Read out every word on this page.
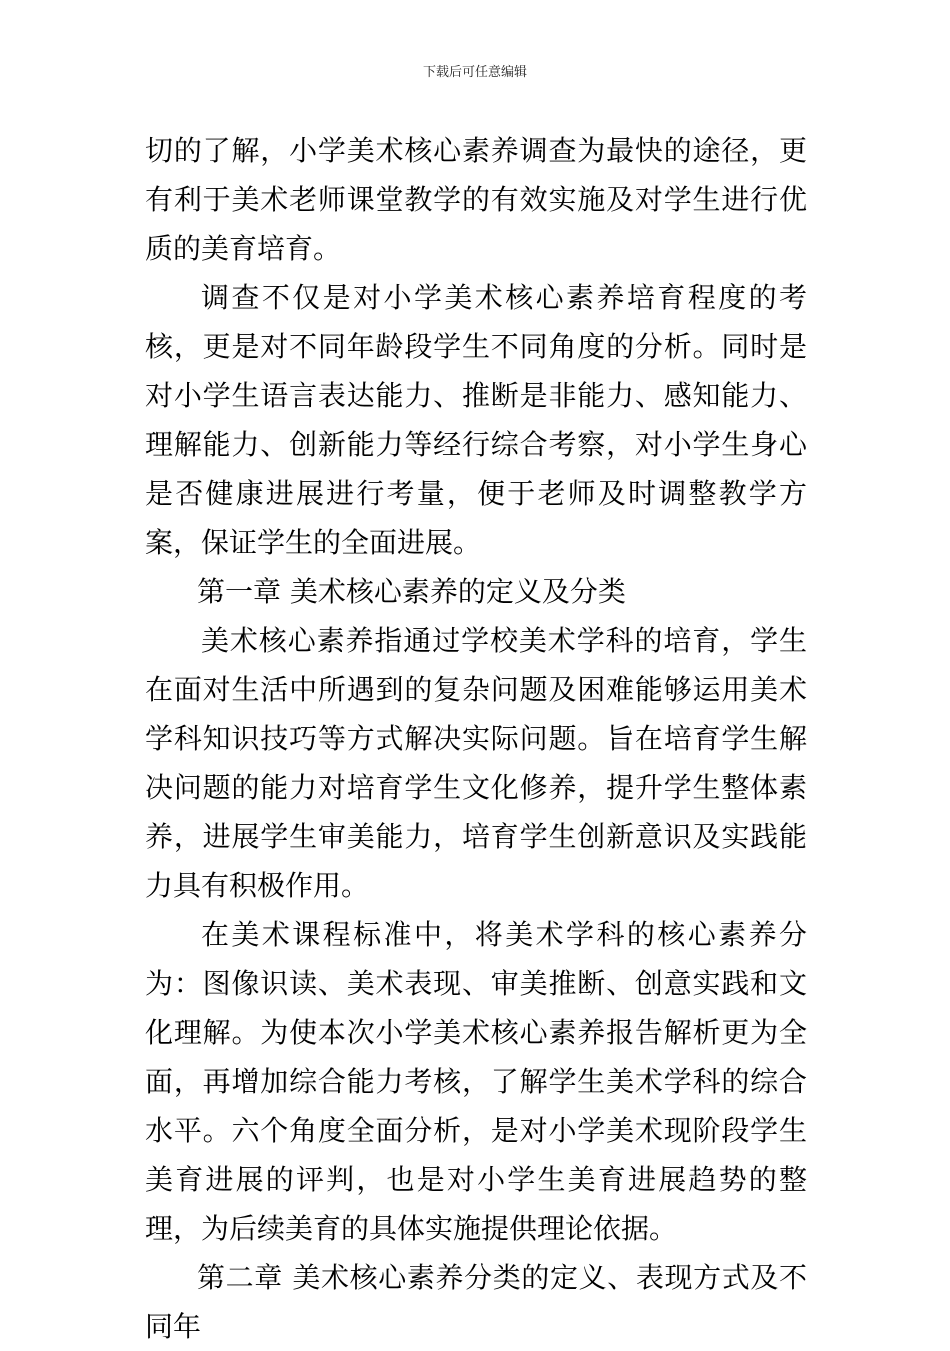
下载后可任意编辑

切的了解，小学美术核心素养调查为最快的途径，更有利于美术老师课堂教学的有效实施及对学生进行优质的美育培育。

调查不仅是对小学美术核心素养培育程度的考核，更是对不同年龄段学生不同角度的分析。同时是对小学生语言表达能力、推断是非能力、感知能力、理解能力、创新能力等经行综合考察，对小学生身心是否健康进展进行考量，便于老师及时调整教学方案，保证学生的全面进展。

第一章 美术核心素养的定义及分类

美术核心素养指通过学校美术学科的培育，学生在面对生活中所遇到的复杂问题及困难能够运用美术学科知识技巧等方式解决实际问题。旨在培育学生解决问题的能力对培育学生文化修养，提升学生整体素养，进展学生审美能力，培育学生创新意识及实践能力具有积极作用。

在美术课程标准中，将美术学科的核心素养分为：图像识读、美术表现、审美推断、创意实践和文化理解。为使本次小学美术核心素养报告解析更为全面，再增加综合能力考核，了解学生美术学科的综合水平。六个角度全面分析，是对小学美术现阶段学生美育进展的评判，也是对小学生美育进展趋势的整理，为后续美育的具体实施提供理论依据。

第二章 美术核心素养分类的定义、表现方式及不同年
